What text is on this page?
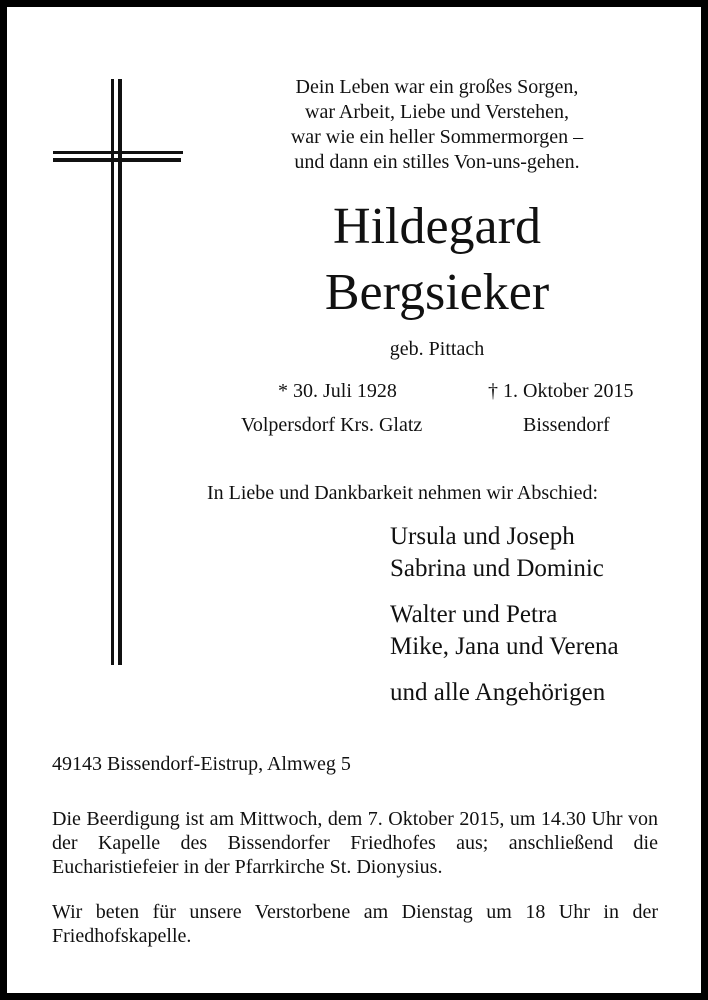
Dein Leben war ein großes Sorgen,
war Arbeit, Liebe und Verstehen,
war wie ein heller Sommermorgen –
und dann ein stilles Von-uns-gehen.
Hildegard
Bergsieker
geb. Pittach
* 30. Juli 1928	† 1. Oktober 2015
Volpersdorf Krs. Glatz	Bissendorf
In Liebe und Dankbarkeit nehmen wir Abschied:
Ursula und Joseph
Sabrina und Dominic
Walter und Petra
Mike, Jana und Verena
und alle Angehörigen
49143 Bissendorf-Eistrup, Almweg 5
Die Beerdigung ist am Mittwoch, dem 7. Oktober 2015, um 14.30 Uhr von der Kapelle des Bissendorfer Friedhofes aus; anschließend die Eucharistiefeier in der Pfarrkirche St. Dionysius.
Wir beten für unsere Verstorbene am Dienstag um 18 Uhr in der Friedhofskapelle.
